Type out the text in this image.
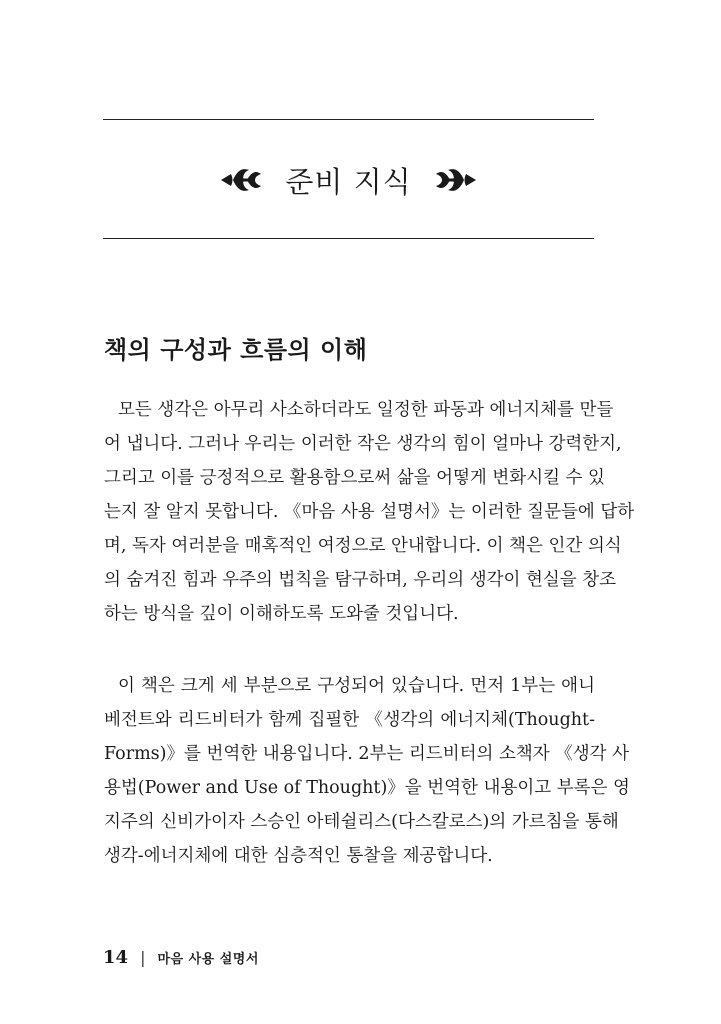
준비 지식
책의 구성과 흐름의 이해
모든 생각은 아무리 사소하더라도 일정한 파동과 에너지체를 만들
어 냅니다. 그러나 우리는 이러한 작은 생각의 힘이 얼마나 강력한지,
그리고 이를 긍정적으로 활용함으로써 삶을 어떻게 변화시킬 수 있
는지 잘 알지 못합니다. 《마음 사용 설명서》는 이러한 질문들에 답하
며, 독자 여러분을 매혹적인 여정으로 안내합니다. 이 책은 인간 의식
의 숨겨진 힘과 우주의 법칙을 탐구하며, 우리의 생각이 현실을 창조
하는 방식을 깊이 이해하도록 도와줄 것입니다.
이 책은 크게 세 부분으로 구성되어 있습니다. 먼저 1부는 애니
베전트와 리드비터가 함께 집필한 《생각의 에너지체(Thought-
Forms)》를 번역한 내용입니다. 2부는 리드비터의 소책자 《생각 사
용법(Power and Use of Thought)》을 번역한 내용이고 부록은 영
지주의 신비가이자 스승인 아테쉴리스(다스칼로스)의 가르침을 통해
생각-에너지체에 대한 심층적인 통찰을 제공합니다.
14 | 마음 사용 설명서
